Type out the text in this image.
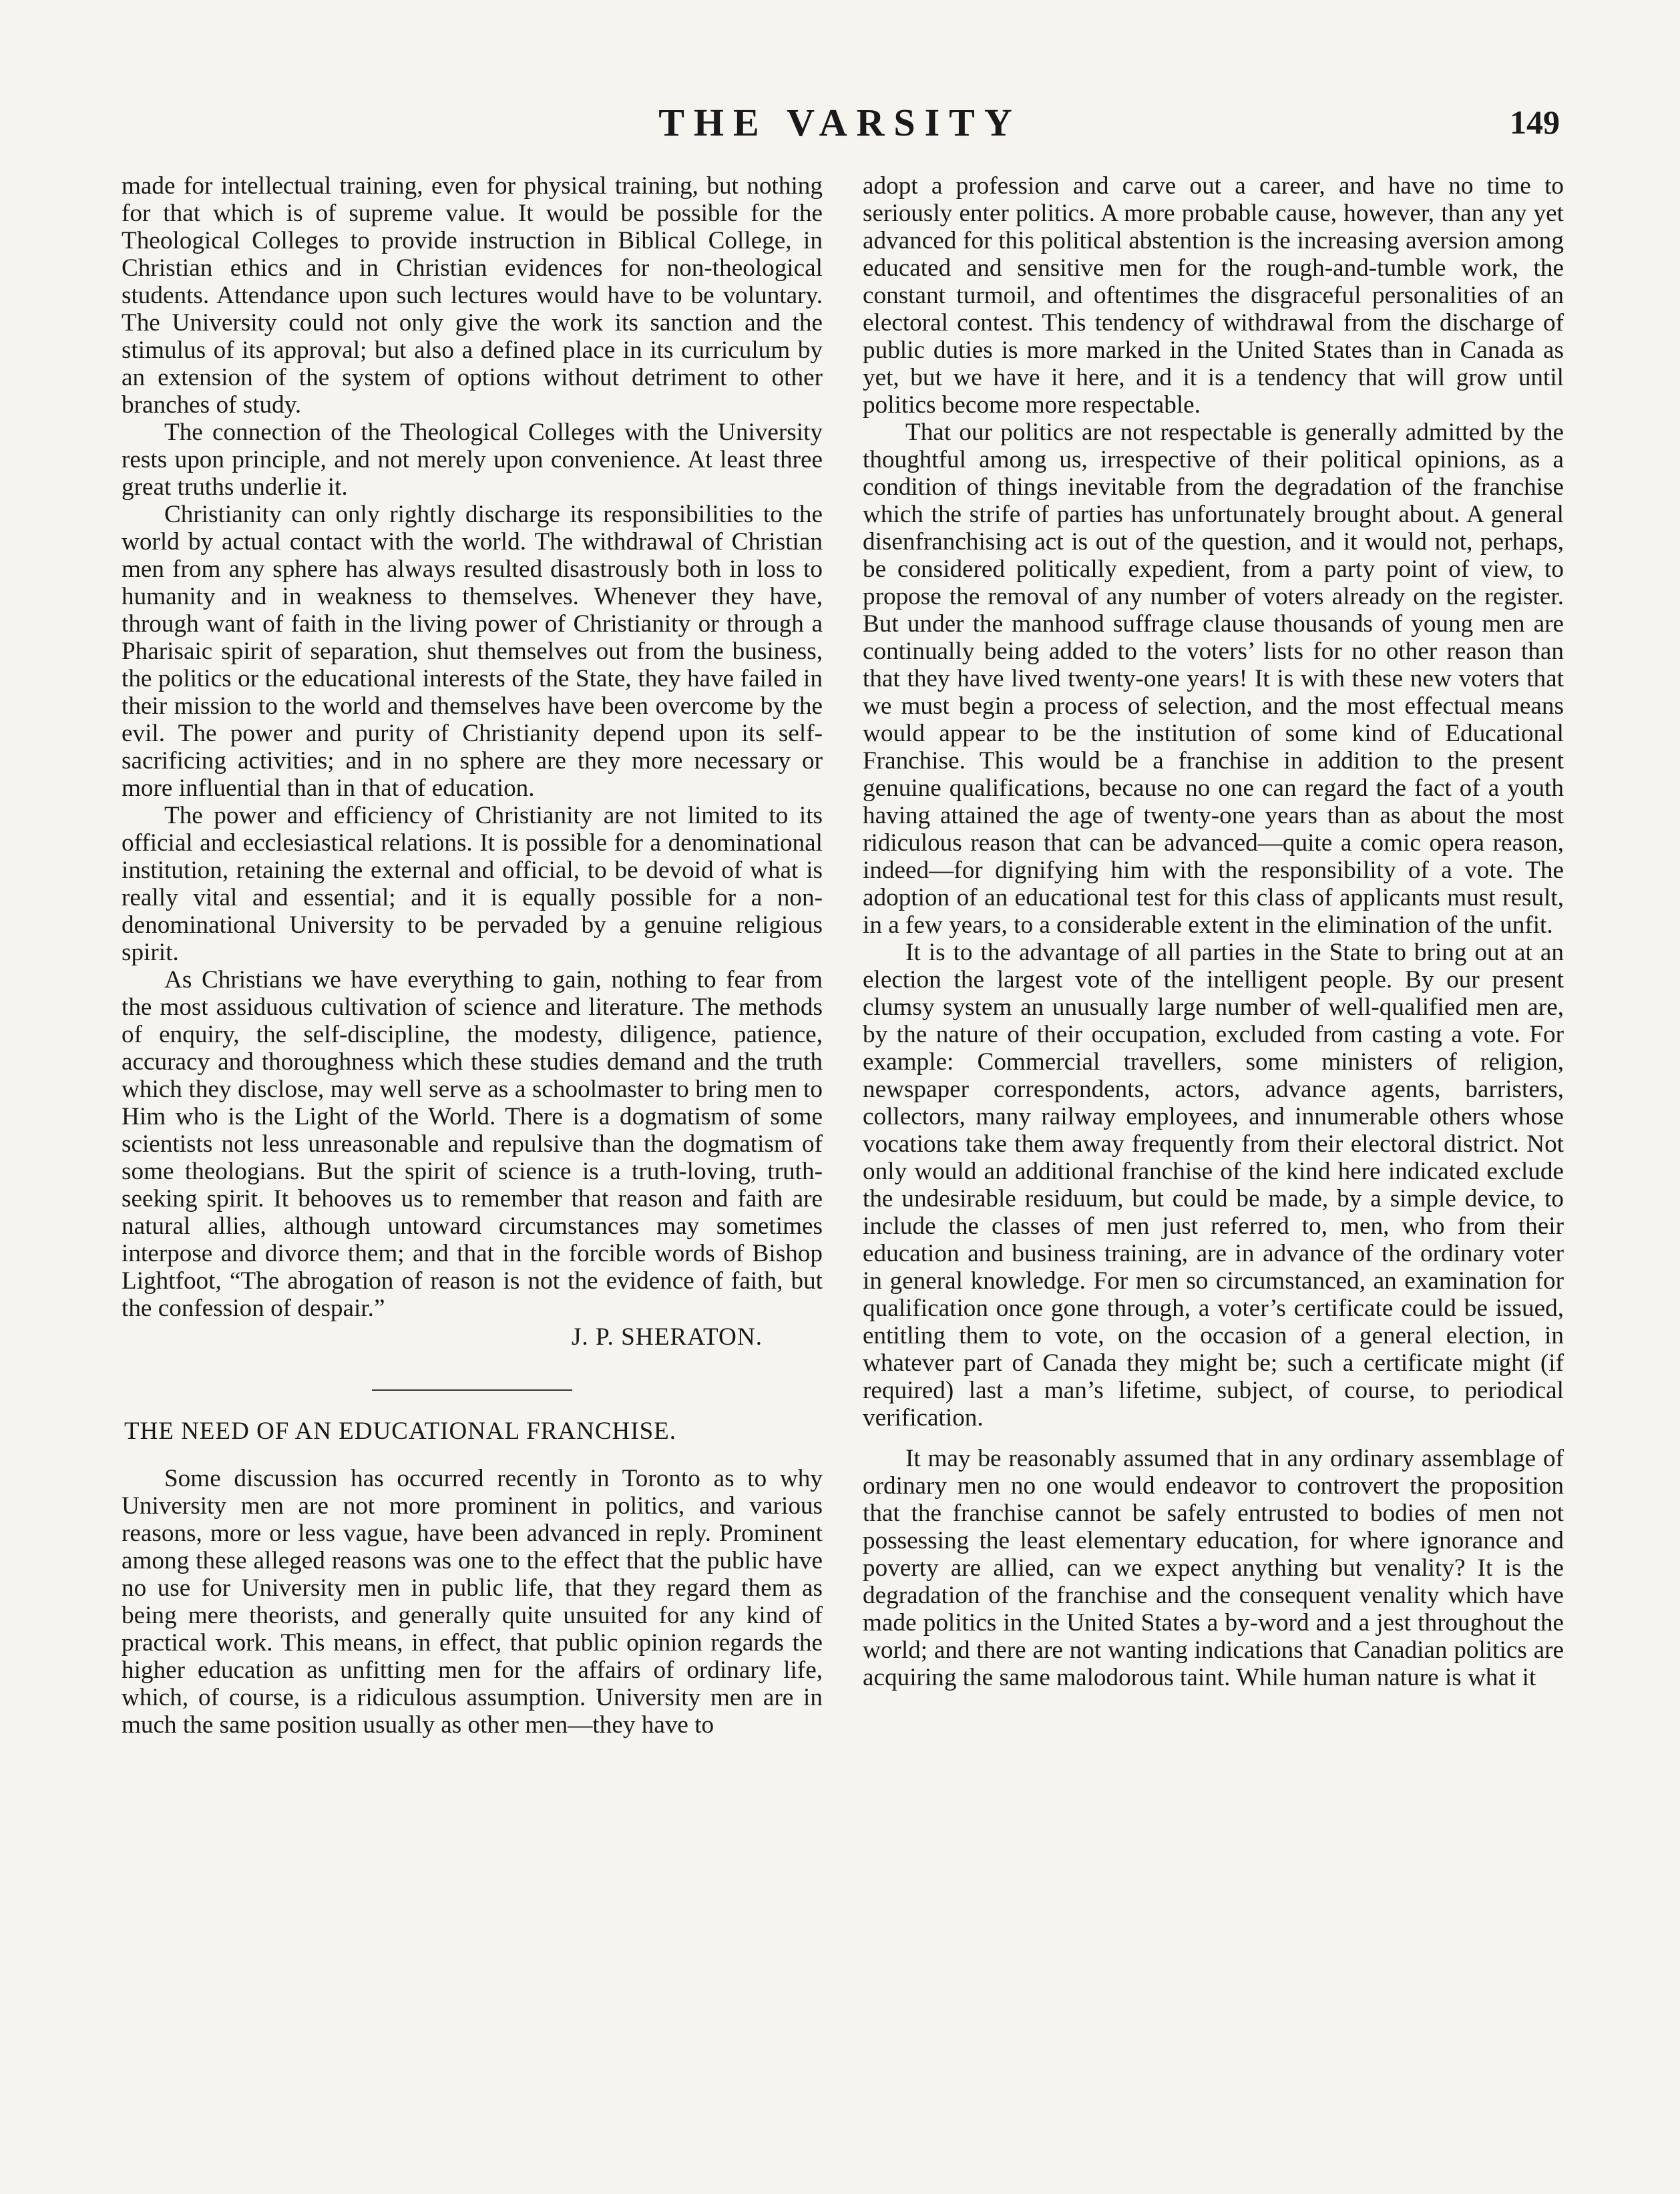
THE VARSITY	149

made for intellectual training, even for physical training, but nothing for that which is of supreme value. It would be possible for the Theological Colleges to provide instruction in Biblical College, in Christian ethics and in Christian evidences for non-theological students. Attendance upon such lectures would have to be voluntary. The University could not only give the work its sanction and the stimulus of its approval; but also a defined place in its curriculum by an extension of the system of options without detriment to other branches of study.

The connection of the Theological Colleges with the University rests upon principle, and not merely upon convenience. At least three great truths underlie it.

Christianity can only rightly discharge its responsibilities to the world by actual contact with the world. The withdrawal of Christian men from any sphere has always resulted disastrously both in loss to humanity and in weakness to themselves. Whenever they have, through want of faith in the living power of Christianity or through a Pharisaic spirit of separation, shut themselves out from the business, the politics or the educational interests of the State, they have failed in their mission to the world and themselves have been overcome by the evil. The power and purity of Christianity depend upon its self-sacrificing activities; and in no sphere are they more necessary or more influential than in that of education.

The power and efficiency of Christianity are not limited to its official and ecclesiastical relations. It is possible for a denominational institution, retaining the external and official, to be devoid of what is really vital and essential; and it is equally possible for a non-denominational University to be pervaded by a genuine religious spirit.

As Christians we have everything to gain, nothing to fear from the most assiduous cultivation of science and literature. The methods of enquiry, the self-discipline, the modesty, diligence, patience, accuracy and thoroughness which these studies demand and the truth which they disclose, may well serve as a schoolmaster to bring men to Him who is the Light of the World. There is a dogmatism of some scientists not less unreasonable and repulsive than the dogmatism of some theologians. But the spirit of science is a truth-loving, truth-seeking spirit. It behooves us to remember that reason and faith are natural allies, although untoward circumstances may sometimes interpose and divorce them; and that in the forcible words of Bishop Lightfoot, “The abrogation of reason is not the evidence of faith, but the confession of despair.”

J. P. SHERATON.
THE NEED OF AN EDUCATIONAL FRANCHISE.

Some discussion has occurred recently in Toronto as to why University men are not more prominent in politics, and various reasons, more or less vague, have been advanced in reply. Prominent among these alleged reasons was one to the effect that the public have no use for University men in public life, that they regard them as being mere theorists, and generally quite unsuited for any kind of practical work. This means, in effect, that public opinion regards the higher education as unfitting men for the affairs of ordinary life, which, of course, is a ridiculous assumption. University men are in much the same position usually as other men—they have to

adopt a profession and carve out a career, and have no time to seriously enter politics. A more probable cause, however, than any yet advanced for this political abstention is the increasing aversion among educated and sensitive men for the rough-and-tumble work, the constant turmoil, and oftentimes the disgraceful personalities of an electoral contest. This tendency of withdrawal from the discharge of public duties is more marked in the United States than in Canada as yet, but we have it here, and it is a tendency that will grow until politics become more respectable.

That our politics are not respectable is generally admitted by the thoughtful among us, irrespective of their political opinions, as a condition of things inevitable from the degradation of the franchise which the strife of parties has unfortunately brought about. A general disenfranchising act is out of the question, and it would not, perhaps, be considered politically expedient, from a party point of view, to propose the removal of any number of voters already on the register. But under the manhood suffrage clause thousands of young men are continually being added to the voters’ lists for no other reason than that they have lived twenty-one years! It is with these new voters that we must begin a process of selection, and the most effectual means would appear to be the institution of some kind of Educational Franchise. This would be a franchise in addition to the present genuine qualifications, because no one can regard the fact of a youth having attained the age of twenty-one years than as about the most ridiculous reason that can be advanced—quite a comic opera reason, indeed—for dignifying him with the responsibility of a vote. The adoption of an educational test for this class of applicants must result, in a few years, to a considerable extent in the elimination of the unfit.

It is to the advantage of all parties in the State to bring out at an election the largest vote of the intelligent people. By our present clumsy system an unusually large number of well-qualified men are, by the nature of their occupation, excluded from casting a vote. For example: Commercial travellers, some ministers of religion, newspaper correspondents, actors, advance agents, barristers, collectors, many railway employees, and innumerable others whose vocations take them away frequently from their electoral district. Not only would an additional franchise of the kind here indicated exclude the undesirable residuum, but could be made, by a simple device, to include the classes of men just referred to, men, who from their education and business training, are in advance of the ordinary voter in general knowledge. For men so circumstanced, an examination for qualification once gone through, a voter’s certificate could be issued, entitling them to vote, on the occasion of a general election, in whatever part of Canada they might be; such a certificate might (if required) last a man’s lifetime, subject, of course, to periodical verification.

It may be reasonably assumed that in any ordinary assemblage of ordinary men no one would endeavor to controvert the proposition that the franchise cannot be safely entrusted to bodies of men not possessing the least elementary education, for where ignorance and poverty are allied, can we expect anything but venality? It is the degradation of the franchise and the consequent venality which have made politics in the United States a by-word and a jest throughout the world; and there are not wanting indications that Canadian politics are acquiring the same malodorous taint. While human nature is what it
